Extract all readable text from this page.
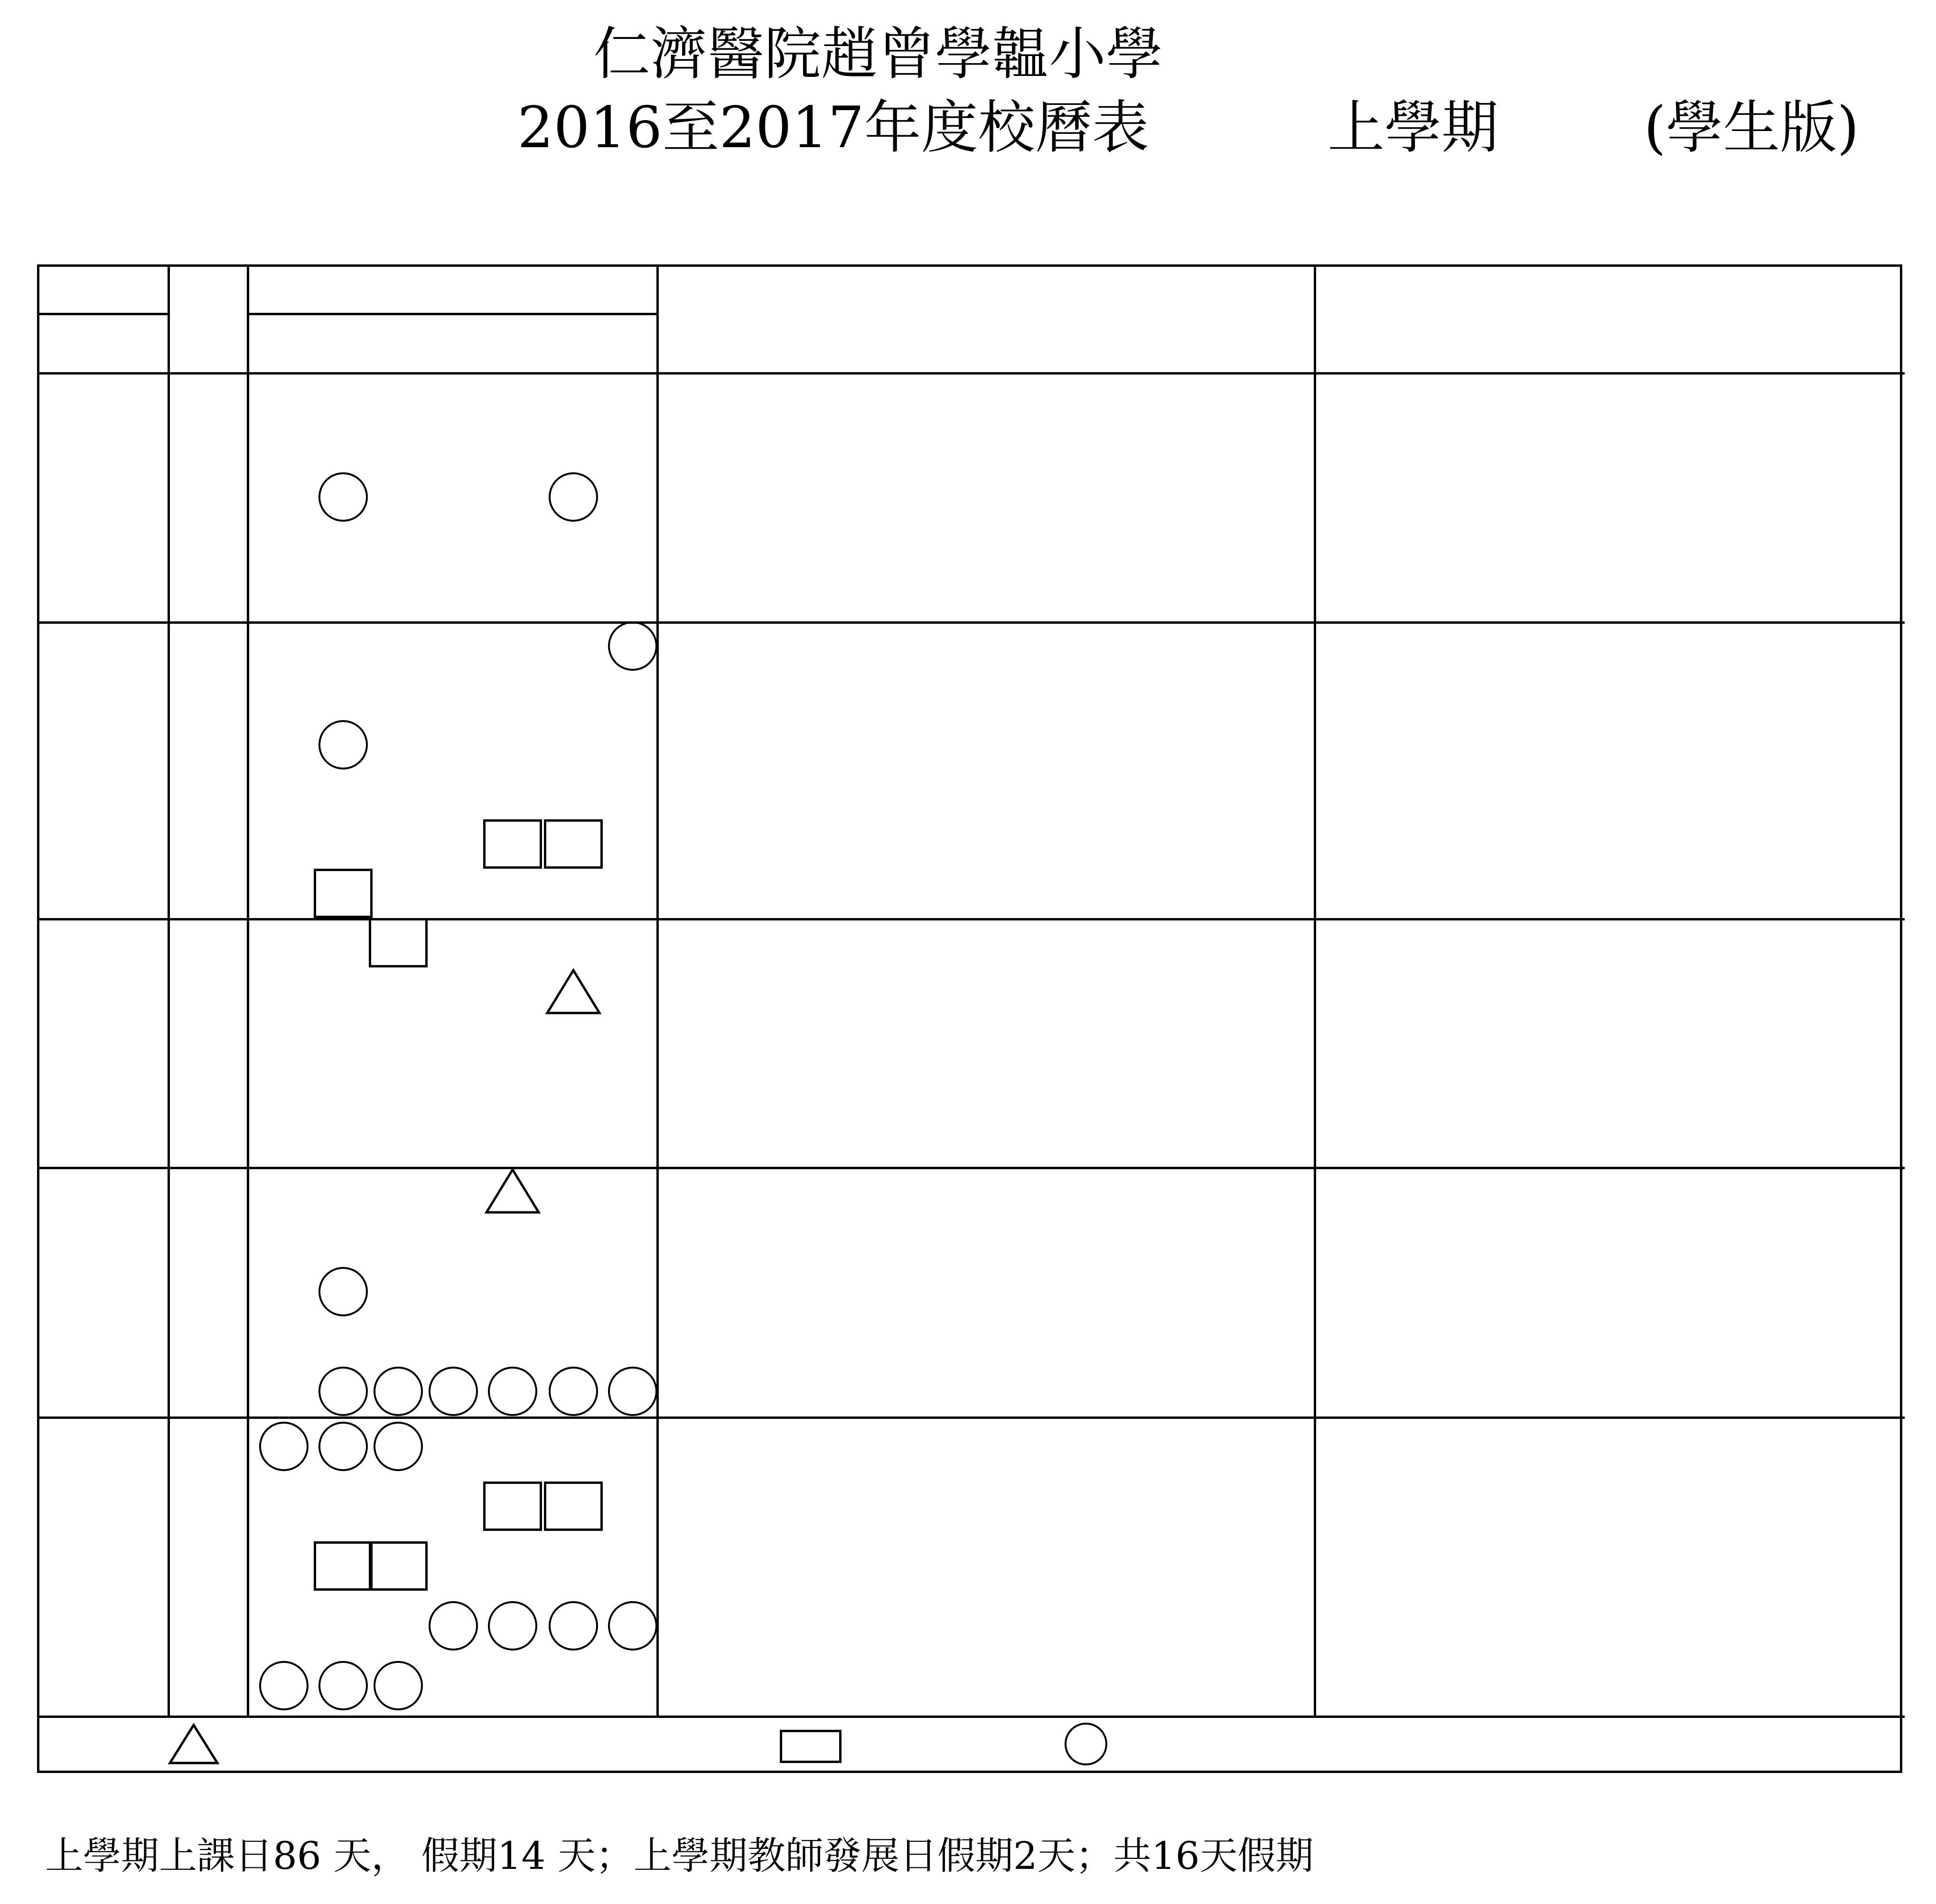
仁濟醫院趙曾學韞小學
2016至2017年度校曆表	上學期	(學生版)
上學期上課日86 天， 假期14 天；上學期教師發展日假期2天；共16天假期
